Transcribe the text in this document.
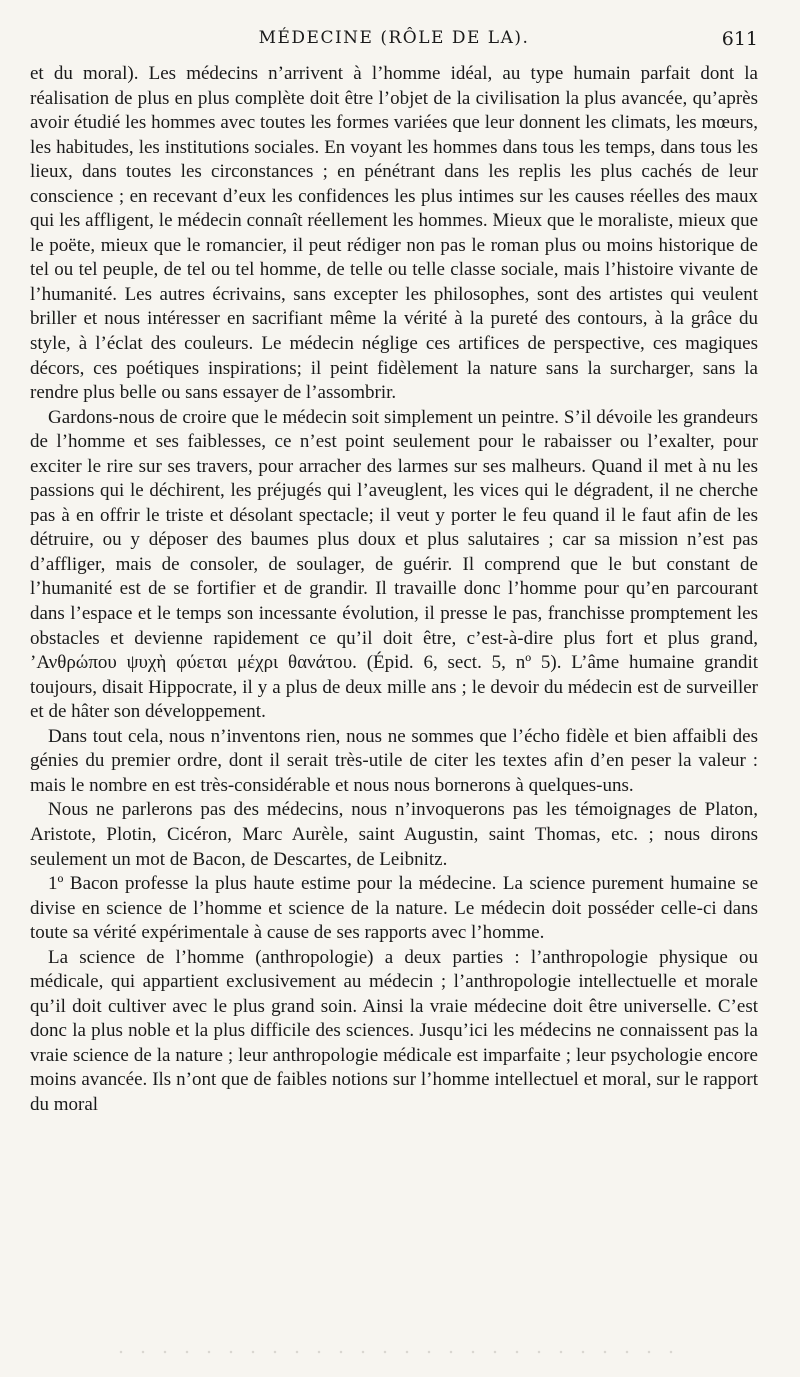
MÉDECINE (RÔLE DE LA).	611

et du moral). Les médecins n’arrivent à l’homme idéal, au type humain parfait dont la réalisation de plus en plus complète doit être l’objet de la civilisation la plus avancée, qu’après avoir étudié les hommes avec toutes les formes variées que leur donnent les climats, les mœurs, les habitudes, les institutions sociales. En voyant les hommes dans tous les temps, dans tous les lieux, dans toutes les circonstances ; en pénétrant dans les replis les plus cachés de leur conscience ; en recevant d’eux les confidences les plus intimes sur les causes réelles des maux qui les affligent, le médecin connaît réellement les hommes. Mieux que le moraliste, mieux que le poëte, mieux que le romancier, il peut rédiger non pas le roman plus ou moins historique de tel ou tel peuple, de tel ou tel homme, de telle ou telle classe sociale, mais l’histoire vivante de l’humanité. Les autres écrivains, sans excepter les philosophes, sont des artistes qui veulent briller et nous intéresser en sacrifiant même la vérité à la pureté des contours, à la grâce du style, à l’éclat des couleurs. Le médecin néglige ces artifices de perspective, ces magiques décors, ces poétiques inspirations; il peint fidèlement la nature sans la surcharger, sans la rendre plus belle ou sans essayer de l’assombrir.

Gardons-nous de croire que le médecin soit simplement un peintre. S’il dévoile les grandeurs de l’homme et ses faiblesses, ce n’est point seulement pour le rabaisser ou l’exalter, pour exciter le rire sur ses travers, pour arracher des larmes sur ses malheurs. Quand il met à nu les passions qui le déchirent, les préjugés qui l’aveuglent, les vices qui le dégradent, il ne cherche pas à en offrir le triste et désolant spectacle; il veut y porter le feu quand il le faut afin de les détruire, ou y déposer des baumes plus doux et plus salutaires ; car sa mission n’est pas d’affliger, mais de consoler, de soulager, de guérir. Il comprend que le but constant de l’humanité est de se fortifier et de grandir. Il travaille donc l’homme pour qu’en parcourant dans l’espace et le temps son incessante évolution, il presse le pas, franchisse promptement les obstacles et devienne rapidement ce qu’il doit être, c’est-à-dire plus fort et plus grand, ’Ανθρώπου ψυχὴ φύεται μέχρι θανάτου. (Épid. 6, sect. 5, nº 5). L’âme humaine grandit toujours, disait Hippocrate, il y a plus de deux mille ans ; le devoir du médecin est de surveiller et de hâter son développement.

Dans tout cela, nous n’inventons rien, nous ne sommes que l’écho fidèle et bien affaibli des génies du premier ordre, dont il serait très-utile de citer les textes afin d’en peser la valeur : mais le nombre en est très-considérable et nous nous bornerons à quelques-uns.

Nous ne parlerons pas des médecins, nous n’invoquerons pas les témoignages de Platon, Aristote, Plotin, Cicéron, Marc Aurèle, saint Augustin, saint Thomas, etc. ; nous dirons seulement un mot de Bacon, de Descartes, de Leibnitz.

1º Bacon professe la plus haute estime pour la médecine. La science purement humaine se divise en science de l’homme et science de la nature. Le médecin doit posséder celle-ci dans toute sa vérité expérimentale à cause de ses rapports avec l’homme.

La science de l’homme (anthropologie) a deux parties : l’anthropologie physique ou médicale, qui appartient exclusivement au médecin ; l’anthropologie intellectuelle et morale qu’il doit cultiver avec le plus grand soin. Ainsi la vraie médecine doit être universelle. C’est donc la plus noble et la plus difficile des sciences. Jusqu’ici les médecins ne connaissent pas la vraie science de la nature ; leur anthropologie médicale est imparfaite ; leur psychologie encore moins avancée. Ils n’ont que de faibles notions sur l’homme intellectuel et moral, sur le rapport du moral
